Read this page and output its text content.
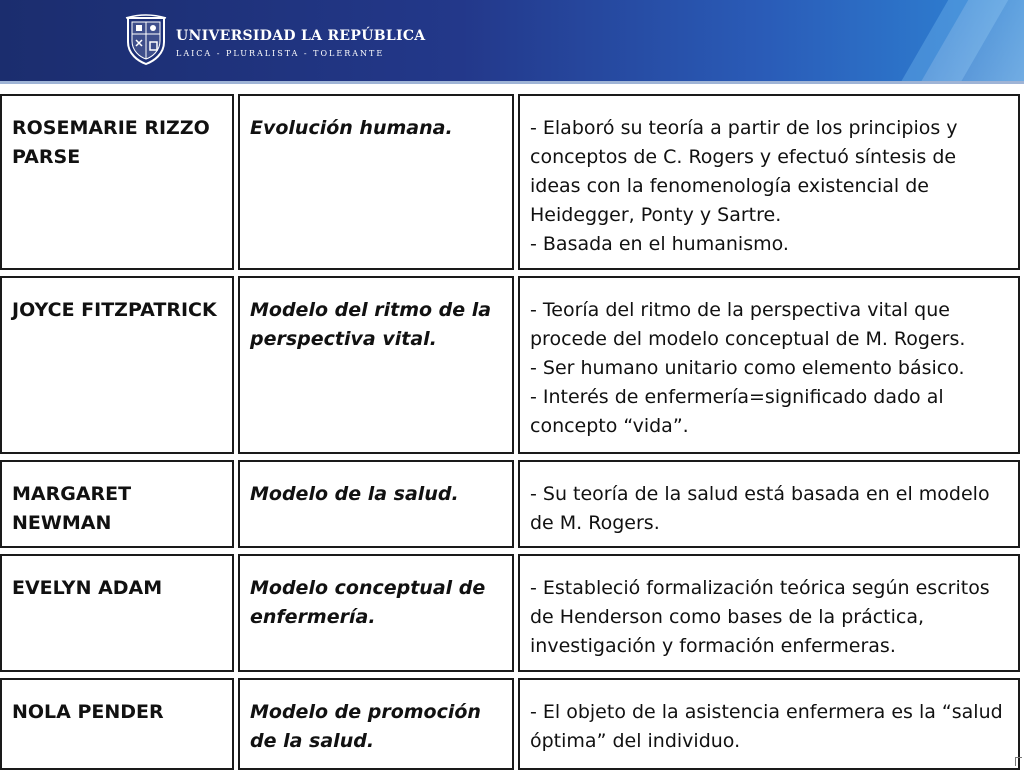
UNIVERSIDAD LA REPÚBLICA
LAICA - PLURALISTA - TOLERANTE
ROSEMARIE RIZZO PARSE	Evolución humana.	- Elaboró su teoría a partir de los principios y conceptos de C. Rogers y efectuó síntesis de ideas con la fenomenología existencial de Heidegger, Ponty y Sartre.
- Basada en el humanismo.

JOYCE FITZPATRICK	Modelo del ritmo de la perspectiva vital.	- Teoría del ritmo de la perspectiva vital que procede del modelo conceptual de M. Rogers.
- Ser humano unitario como elemento básico.
- Interés de enfermería=significado dado al concepto “vida”.

MARGARET NEWMAN	Modelo de la salud.	- Su teoría de la salud está basada en el modelo de M. Rogers.

EVELYN ADAM	Modelo conceptual de enfermería.	- Estableció formalización teórica según escritos de Henderson como bases de la práctica, investigación y formación enfermeras.

NOLA PENDER	Modelo de promoción de la salud.	- El objeto de la asistencia enfermera es la “salud óptima” del individuo.
